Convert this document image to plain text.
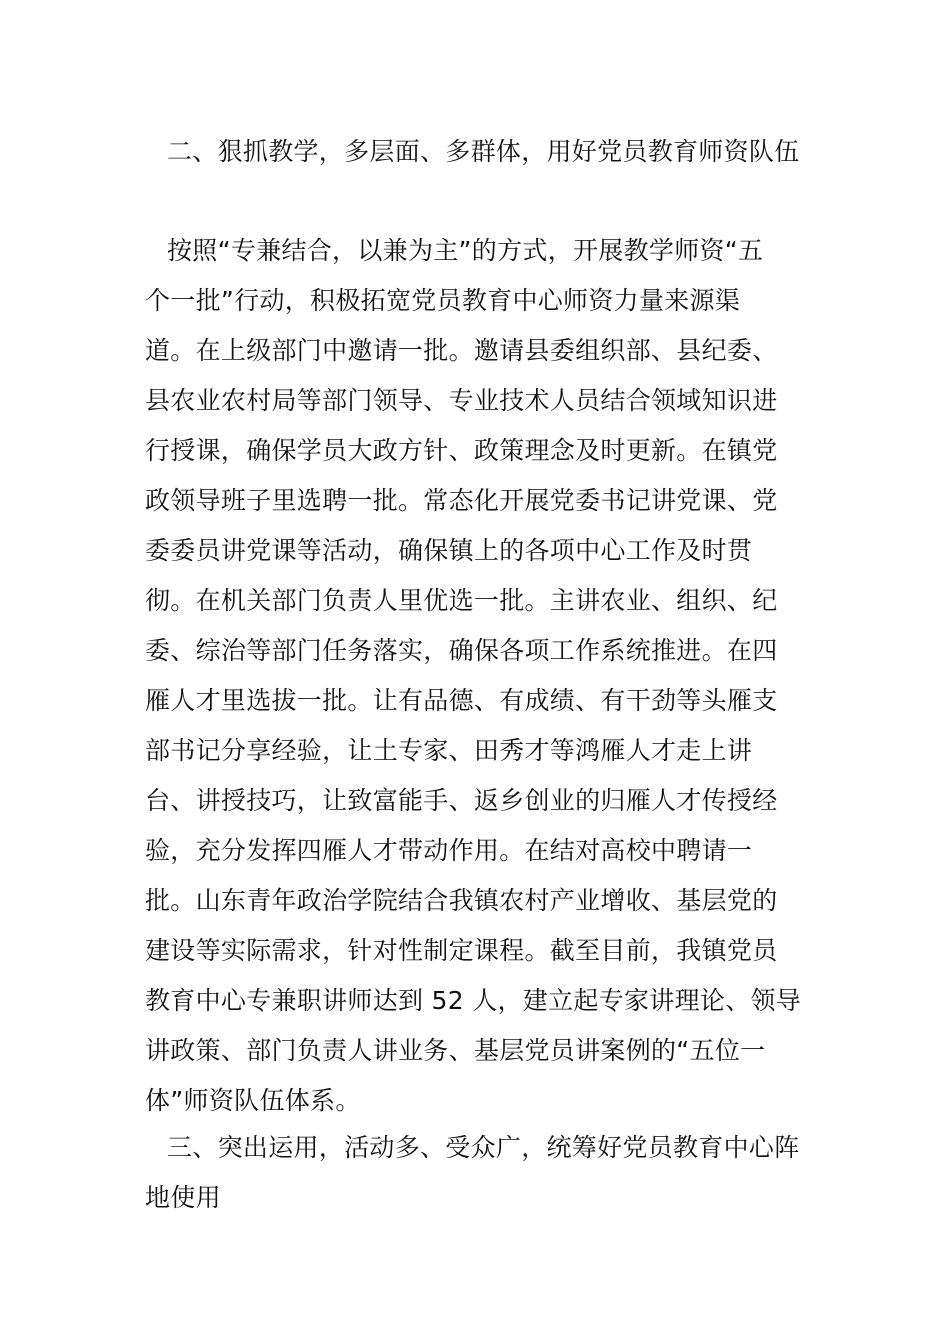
二、狠抓教学，多层面、多群体，用好党员教育师资队伍
按照“专兼结合，以兼为主”的方式，开展教学师资“五
个一批”行动，积极拓宽党员教育中心师资力量来源渠
道。在上级部门中邀请一批。邀请县委组织部、县纪委、
县农业农村局等部门领导、专业技术人员结合领域知识进
行授课，确保学员大政方针、政策理念及时更新。在镇党
政领导班子里选聘一批。常态化开展党委书记讲党课、党
委委员讲党课等活动，确保镇上的各项中心工作及时贯
彻。在机关部门负责人里优选一批。主讲农业、组织、纪
委、综治等部门任务落实，确保各项工作系统推进。在四
雁人才里选拔一批。让有品德、有成绩、有干劲等头雁支
部书记分享经验，让土专家、田秀才等鸿雁人才走上讲
台、讲授技巧，让致富能手、返乡创业的归雁人才传授经
验，充分发挥四雁人才带动作用。在结对高校中聘请一
批。山东青年政治学院结合我镇农村产业增收、基层党的
建设等实际需求，针对性制定课程。截至目前，我镇党员
教育中心专兼职讲师达到 52 人，建立起专家讲理论、领导
讲政策、部门负责人讲业务、基层党员讲案例的“五位一
体”师资队伍体系。
三、突出运用，活动多、受众广，统筹好党员教育中心阵
地使用
